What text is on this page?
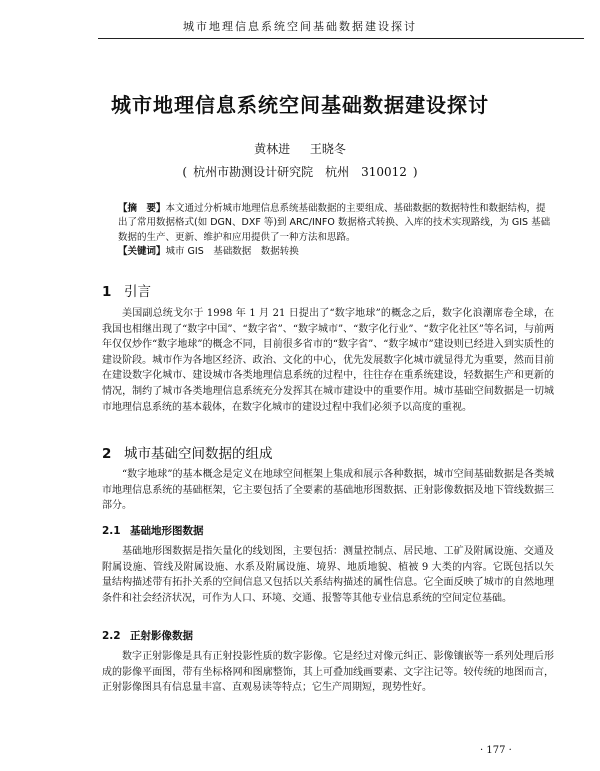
城市地理信息系统空间基础数据建设探讨
城市地理信息系统空间基础数据建设探讨
黄林进 王晓冬
( 杭州市勘测设计研究院 杭州 310012 )
【摘　要】本文通过分析城市地理信息系统基础数据的主要组成、基础数据的数据特性和数据结构，提出了常用数据格式(如 DGN、DXF 等)到 ARC/INFO 数据格式转换、入库的技术实现路线，为 GIS 基础数据的生产、更新、维护和应用提供了一种方法和思路。
【关键词】城市 GIS　基础数据　数据转换
1 引言
美国副总统戈尔于 1998 年 1 月 21 日提出了“数字地球”的概念之后，数字化浪潮席卷全球，在我国也相继出现了“数字中国”、“数字省”、“数字城市”、“数字化行业”、“数字化社区”等名词，与前两年仅仅炒作“数字地球”的概念不同，目前很多省市的“数字省”、“数字城市”建设则已经进入到实质性的建设阶段。城市作为各地区经济、政治、文化的中心，优先发展数字化城市就显得尤为重要，然而目前在建设数字化城市、建设城市各类地理信息系统的过程中，往往存在重系统建设，轻数据生产和更新的情况，制约了城市各类地理信息系统充分发挥其在城市建设中的重要作用。城市基础空间数据是一切城市地理信息系统的基本载体，在数字化城市的建设过程中我们必须予以高度的重视。
2 城市基础空间数据的组成
“数字地球”的基本概念是定义在地球空间框架上集成和展示各种数据，城市空间基础数据是各类城市地理信息系统的基础框架，它主要包括了全要素的基础地形图数据、正射影像数据及地下管线数据三部分。
2.1 基础地形图数据
基础地形图数据是指矢量化的线划图，主要包括：测量控制点、居民地、工矿及附属设施、交通及附属设施、管线及附属设施、水系及附属设施、境界、地质地貌、植被 9 大类的内容。它既包括以矢量结构描述带有拓扑关系的空间信息又包括以关系结构描述的属性信息。它全面反映了城市的自然地理条件和社会经济状况，可作为人口、环境、交通、报警等其他专业信息系统的空间定位基础。
2.2 正射影像数据
数字正射影像是具有正射投影性质的数字影像。它是经过对像元纠正、影像镶嵌等一系列处理后形成的影像平面图，带有坐标格网和图廓整饰，其上可叠加线画要素、文字注记等。较传统的地图而言，正射影像图具有信息量丰富、直观易读等特点；它生产周期短，现势性好。
· 177 ·
